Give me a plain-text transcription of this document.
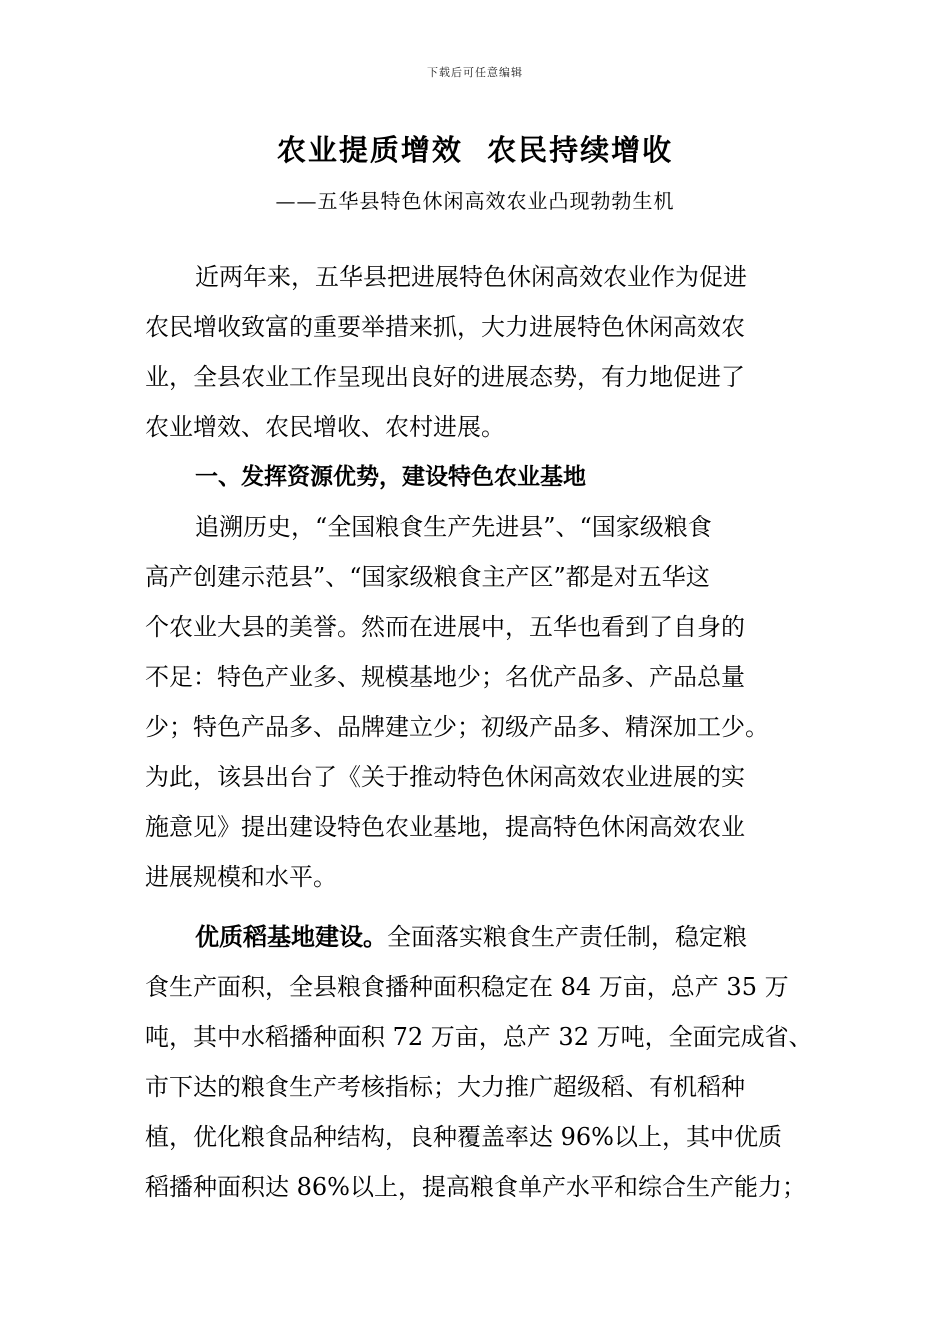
下载后可任意编辑
农业提质增效  农民持续增收
——五华县特色休闲高效农业凸现勃勃生机
近两年来，五华县把进展特色休闲高效农业作为促进
农民增收致富的重要举措来抓，大力进展特色休闲高效农
业，全县农业工作呈现出良好的进展态势，有力地促进了
农业增效、农民增收、农村进展。
一、发挥资源优势，建设特色农业基地
追溯历史，“全国粮食生产先进县”、“国家级粮食
高产创建示范县”、“国家级粮食主产区”都是对五华这
个农业大县的美誉。然而在进展中，五华也看到了自身的
不足：特色产业多、规模基地少；名优产品多、产品总量
少；特色产品多、品牌建立少；初级产品多、精深加工少。
为此，该县出台了《关于推动特色休闲高效农业进展的实
施意见》提出建设特色农业基地，提高特色休闲高效农业
进展规模和水平。
优质稻基地建设。全面落实粮食生产责任制，稳定粮
食生产面积，全县粮食播种面积稳定在 84 万亩，总产 35 万
吨，其中水稻播种面积 72 万亩，总产 32 万吨，全面完成省、
市下达的粮食生产考核指标；大力推广超级稻、有机稻种
植，优化粮食品种结构，良种覆盖率达 96%以上，其中优质
稻播种面积达 86%以上，提高粮食单产水平和综合生产能力；
